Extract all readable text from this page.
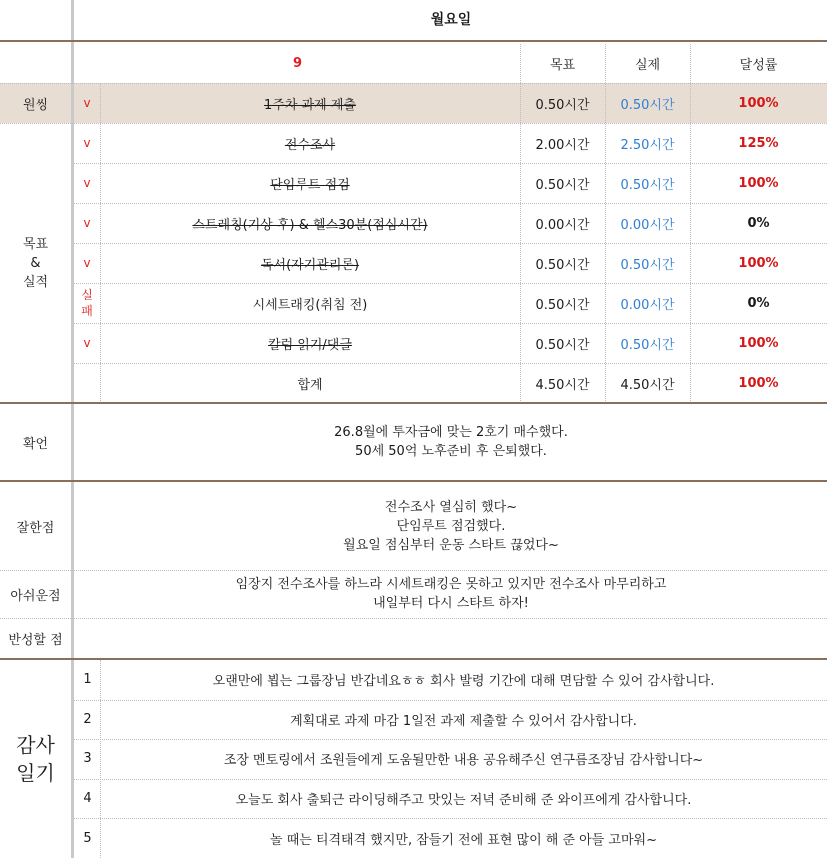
월요일
9	목표	실제	달성률
원씽
목표
&
실적
v	1주차 과제 제출	0.50시간	0.50시간	100%
v	전수조사	2.00시간	2.50시간	125%
v	단임루트 점검	0.50시간	0.50시간	100%
v	스트레칭(기상 후) & 헬스30분(점심시간)	0.00시간	0.00시간	0%
v	독서(자기관리론)	0.50시간	0.50시간	100%
실
패	시세트래킹(취침 전)	0.50시간	0.00시간	0%
v	칼럼 읽기/댓글	0.50시간	0.50시간	100%
합계	4.50시간	4.50시간	100%
확언
26.8월에 투자금에 맞는 2호기 매수했다.
50세 50억 노후준비 후 은퇴했다.
잘한점
전수조사 열심히 했다~
단임루트 점검했다.
월요일 점심부터 운동 스타트 끊었다~
아쉬운점
임장지 전수조사를 하느라 시세트래킹은 못하고 있지만 전수조사 마무리하고
내일부터 다시 스타트 하자!
반성할 점
감사
일기
1	오랜만에 뵙는 그룹장님 반갑네요ㅎㅎ 회사 발령 기간에 대해 면담할 수 있어 감사합니다.
2	계획대로 과제 마감 1일전 과제 제출할 수 있어서 감사합니다.
3	조장 멘토링에서 조원들에게 도움될만한 내용 공유해주신 연구름조장님 감사합니다~
4	오늘도 회사 출퇴근 라이딩해주고 맛있는 저녁 준비해 준 와이프에게 감사합니다.
5	놀 때는 티격태격 했지만, 잠들기 전에 표현 많이 해 준 아들 고마워~
